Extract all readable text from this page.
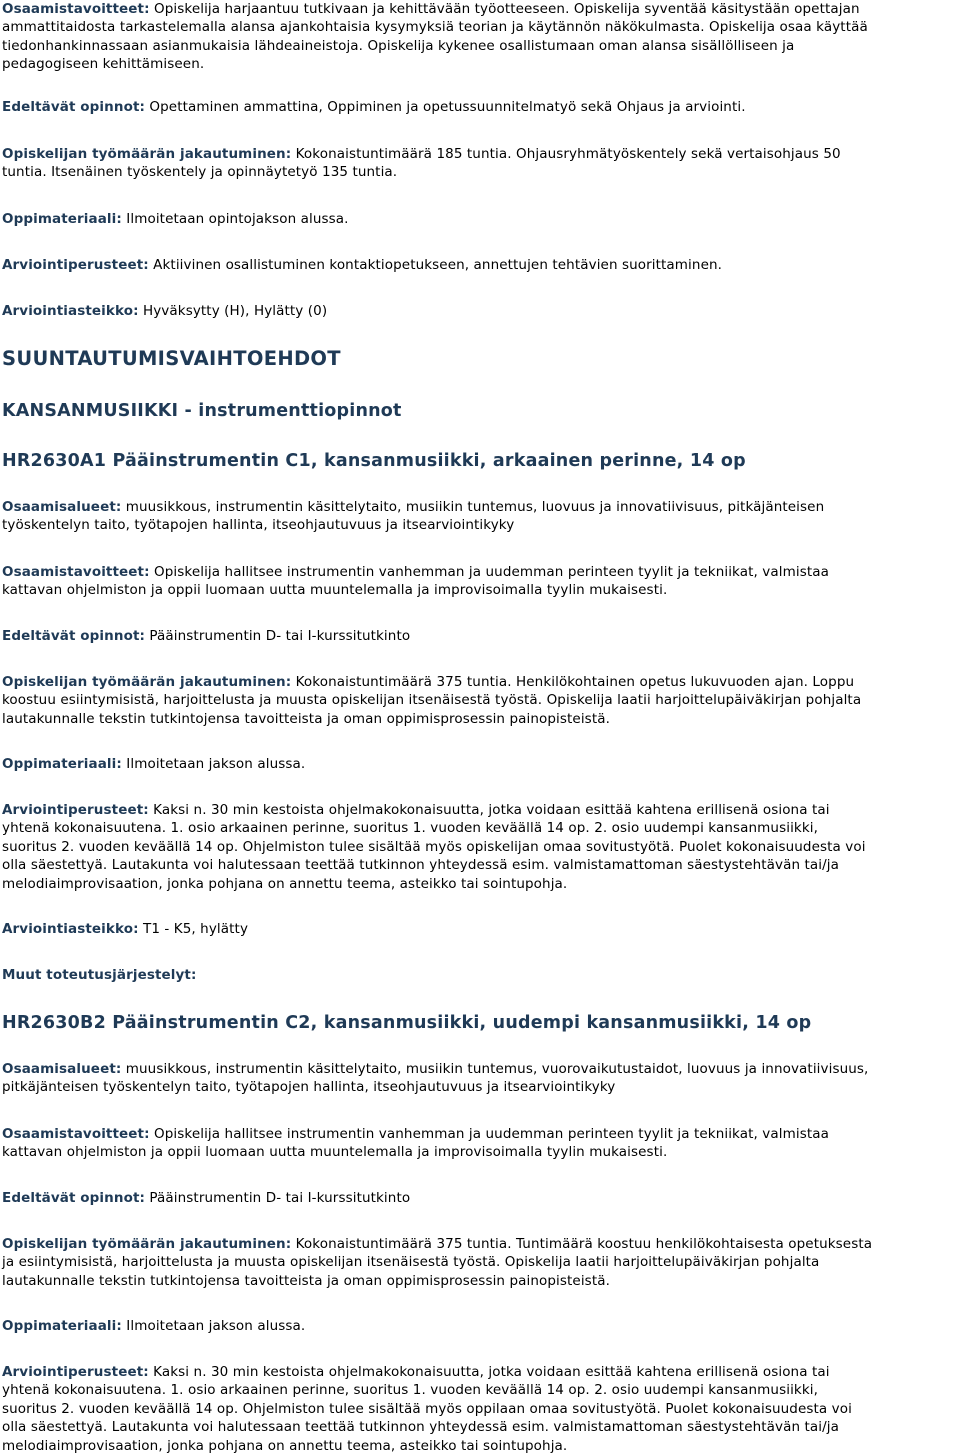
Osaamistavoitteet: Opiskelija harjaantuu tutkivaan ja kehittävään työotteeseen. Opiskelija syventää käsitystään opettajan
ammattitaidosta tarkastelemalla alansa ajankohtaisia kysymyksiä teorian ja käytännön näkökulmasta. Opiskelija osaa käyttää
tiedonhankinnassaan asianmukaisia lähdeaineistoja. Opiskelija kykenee osallistumaan oman alansa sisällölliseen ja
pedagogiseen kehittämiseen.
Edeltävät opinnot: Opettaminen ammattina, Oppiminen ja opetussuunnitelmatyö sekä Ohjaus ja arviointi.
Opiskelijan työmäärän jakautuminen: Kokonaistuntimäärä 185 tuntia. Ohjausryhmätyöskentely sekä vertaisohjaus 50
tuntia. Itsenäinen työskentely ja opinnäytetyö 135 tuntia.
Oppimateriaali: Ilmoitetaan opintojakson alussa.
Arviointiperusteet: Aktiivinen osallistuminen kontaktiopetukseen, annettujen tehtävien suorittaminen.
Arviointiasteikko: Hyväksytty (H), Hylätty (0)
SUUNTAUTUMISVAIHTOEHDOT
KANSANMUSIIKKI - instrumenttiopinnot
HR2630A1 Pääinstrumentin C1, kansanmusiikki, arkaainen perinne, 14 op
Osaamisalueet: muusikkous, instrumentin käsittelytaito, musiikin tuntemus, luovuus ja innovatiivisuus, pitkäjänteisen
työskentelyn taito, työtapojen hallinta, itseohjautuvuus ja itsearviointikyky
Osaamistavoitteet: Opiskelija hallitsee instrumentin vanhemman ja uudemman perinteen tyylit ja tekniikat, valmistaa
kattavan ohjelmiston ja oppii luomaan uutta muuntelemalla ja improvisoimalla tyylin mukaisesti.
Edeltävät opinnot: Pääinstrumentin D- tai I-kurssitutkinto
Opiskelijan työmäärän jakautuminen: Kokonaistuntimäärä 375 tuntia. Henkilökohtainen opetus lukuvuoden ajan. Loppu
koostuu esiintymisistä, harjoittelusta ja muusta opiskelijan itsenäisestä työstä. Opiskelija laatii harjoittelupäiväkirjan pohjalta
lautakunnalle tekstin tutkintojensa tavoitteista ja oman oppimisprosessin painopisteistä.
Oppimateriaali: Ilmoitetaan jakson alussa.
Arviointiperusteet: Kaksi n. 30 min kestoista ohjelmakokonaisuutta, jotka voidaan esittää kahtena erillisenä osiona tai
yhtenä kokonaisuutena. 1. osio arkaainen perinne, suoritus 1. vuoden keväällä 14 op. 2. osio uudempi kansanmusiikki,
suoritus 2. vuoden keväällä 14 op. Ohjelmiston tulee sisältää myös opiskelijan omaa sovitustyötä. Puolet kokonaisuudesta voi
olla säestettyä. Lautakunta voi halutessaan teettää tutkinnon yhteydessä esim. valmistamattoman säestystehtävän tai/ja
melodiaimprovisaation, jonka pohjana on annettu teema, asteikko tai sointupohja.
Arviointiasteikko: T1 - K5, hylätty
Muut toteutusjärjestelyt:
HR2630B2 Pääinstrumentin C2, kansanmusiikki, uudempi kansanmusiikki, 14 op
Osaamisalueet: muusikkous, instrumentin käsittelytaito, musiikin tuntemus, vuorovaikutustaidot, luovuus ja innovatiivisuus,
pitkäjänteisen työskentelyn taito, työtapojen hallinta, itseohjautuvuus ja itsearviointikyky
Osaamistavoitteet: Opiskelija hallitsee instrumentin vanhemman ja uudemman perinteen tyylit ja tekniikat, valmistaa
kattavan ohjelmiston ja oppii luomaan uutta muuntelemalla ja improvisoimalla tyylin mukaisesti.
Edeltävät opinnot: Pääinstrumentin D- tai I-kurssitutkinto
Opiskelijan työmäärän jakautuminen: Kokonaistuntimäärä 375 tuntia. Tuntimäärä koostuu henkilökohtaisesta opetuksesta
ja esiintymisistä, harjoittelusta ja muusta opiskelijan itsenäisestä työstä. Opiskelija laatii harjoittelupäiväkirjan pohjalta
lautakunnalle tekstin tutkintojensa tavoitteista ja oman oppimisprosessin painopisteistä.
Oppimateriaali: Ilmoitetaan jakson alussa.
Arviointiperusteet: Kaksi n. 30 min kestoista ohjelmakokonaisuutta, jotka voidaan esittää kahtena erillisenä osiona tai
yhtenä kokonaisuutena. 1. osio arkaainen perinne, suoritus 1. vuoden keväällä 14 op. 2. osio uudempi kansanmusiikki,
suoritus 2. vuoden keväällä 14 op. Ohjelmiston tulee sisältää myös oppilaan omaa sovitustyötä. Puolet kokonaisuudesta voi
olla säestettyä. Lautakunta voi halutessaan teettää tutkinnon yhteydessä esim. valmistamattoman säestystehtävän tai/ja
melodiaimprovisaation, jonka pohjana on annettu teema, asteikko tai sointupohja.
